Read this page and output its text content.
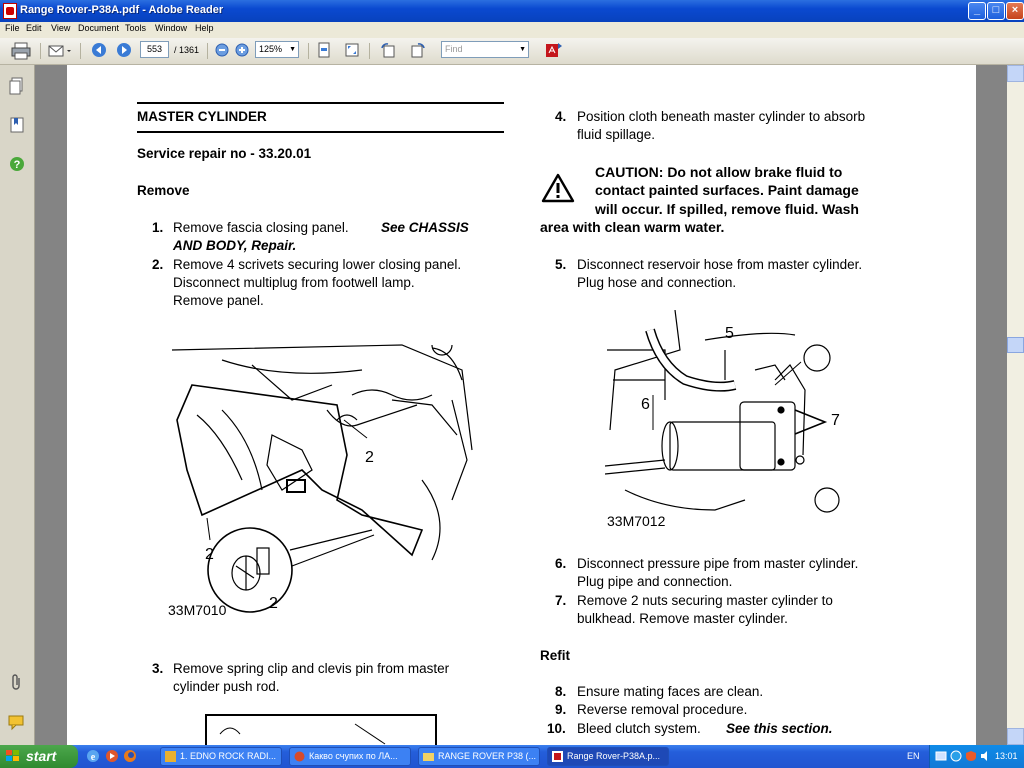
Range Rover-P38A.pdf - Adobe Reader	_	□	×
File Edit View Document Tools Window Help
553	/ 1361	125% ▼	Find	▼
?
MASTER CYLINDER
Service repair no - 33.20.01
Remove
1. Remove fascia closing panel. See CHASSIS
AND BODY, Repair.
2. Remove 4 scrivets securing lower closing panel.
Disconnect multiplug from footwell lamp.
Remove panel.
2
2
2
33M7010
3. Remove spring clip and clevis pin from master
cylinder push rod.
4. Position cloth beneath master cylinder to absorb
fluid spillage.
CAUTION: Do not allow brake fluid to
contact painted surfaces. Paint damage
will occur. If spilled, remove fluid. Wash
area with clean warm water.
5. Disconnect reservoir hose from master cylinder.
Plug hose and connection.
5
6
7
33M7012
6. Disconnect pressure pipe from master cylinder.
Plug pipe and connection.
7. Remove 2 nuts securing master cylinder to
bulkhead. Remove master cylinder.
Refit
8. Ensure mating faces are clean.
9. Reverse removal procedure.
10. Bleed clutch system. See this section.
start	e	1. EDNO ROCK RADI...	Какво счупих по ЛА...	RANGE ROVER P38 (...	Range Rover-P38A.p...	EN	13:01
